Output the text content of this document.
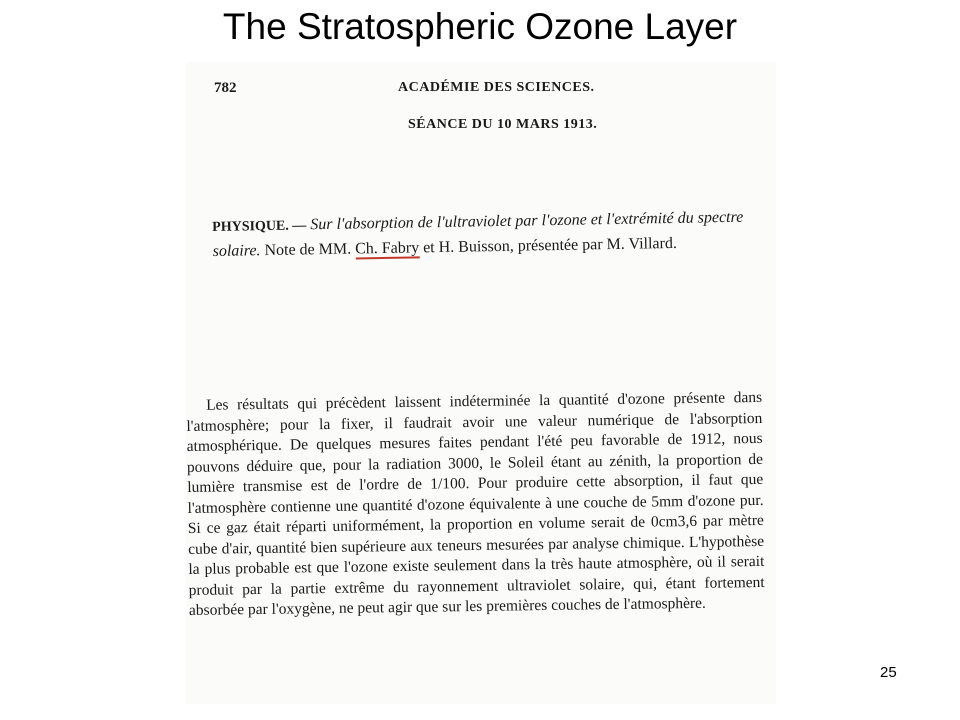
The Stratospheric Ozone Layer
782	ACADÉMIE DES SCIENCES.
SÉANCE DU 10 MARS 1913.
PHYSIQUE. — Sur l'absorption de l'ultraviolet par l'ozone et l'extrémité du spectre solaire. Note de MM. Ch. Fabry et H. Buisson, présentée par M. Villard.

Les résultats qui précèdent laissent indéterminée la quantité d'ozone présente dans l'atmosphère; pour la fixer, il faudrait avoir une valeur numérique de l'absorption atmosphérique. De quelques mesures faites pendant l'été peu favorable de 1912, nous pouvons déduire que, pour la radiation 3000, le Soleil étant au zénith, la proportion de lumière transmise est de l'ordre de 1/100. Pour produire cette absorption, il faut que l'atmosphère contienne une quantité d'ozone équivalente à une couche de 5mm d'ozone pur. Si ce gaz était réparti uniformément, la proportion en volume serait de 0cm3,6 par mètre cube d'air, quantité bien supérieure aux teneurs mesurées par analyse chimique. L'hypothèse la plus probable est que l'ozone existe seulement dans la très haute atmosphère, où il serait produit par la partie extrême du rayonnement ultraviolet solaire, qui, étant fortement absorbée par l'oxygène, ne peut agir que sur les premières couches de l'atmosphère.

25
